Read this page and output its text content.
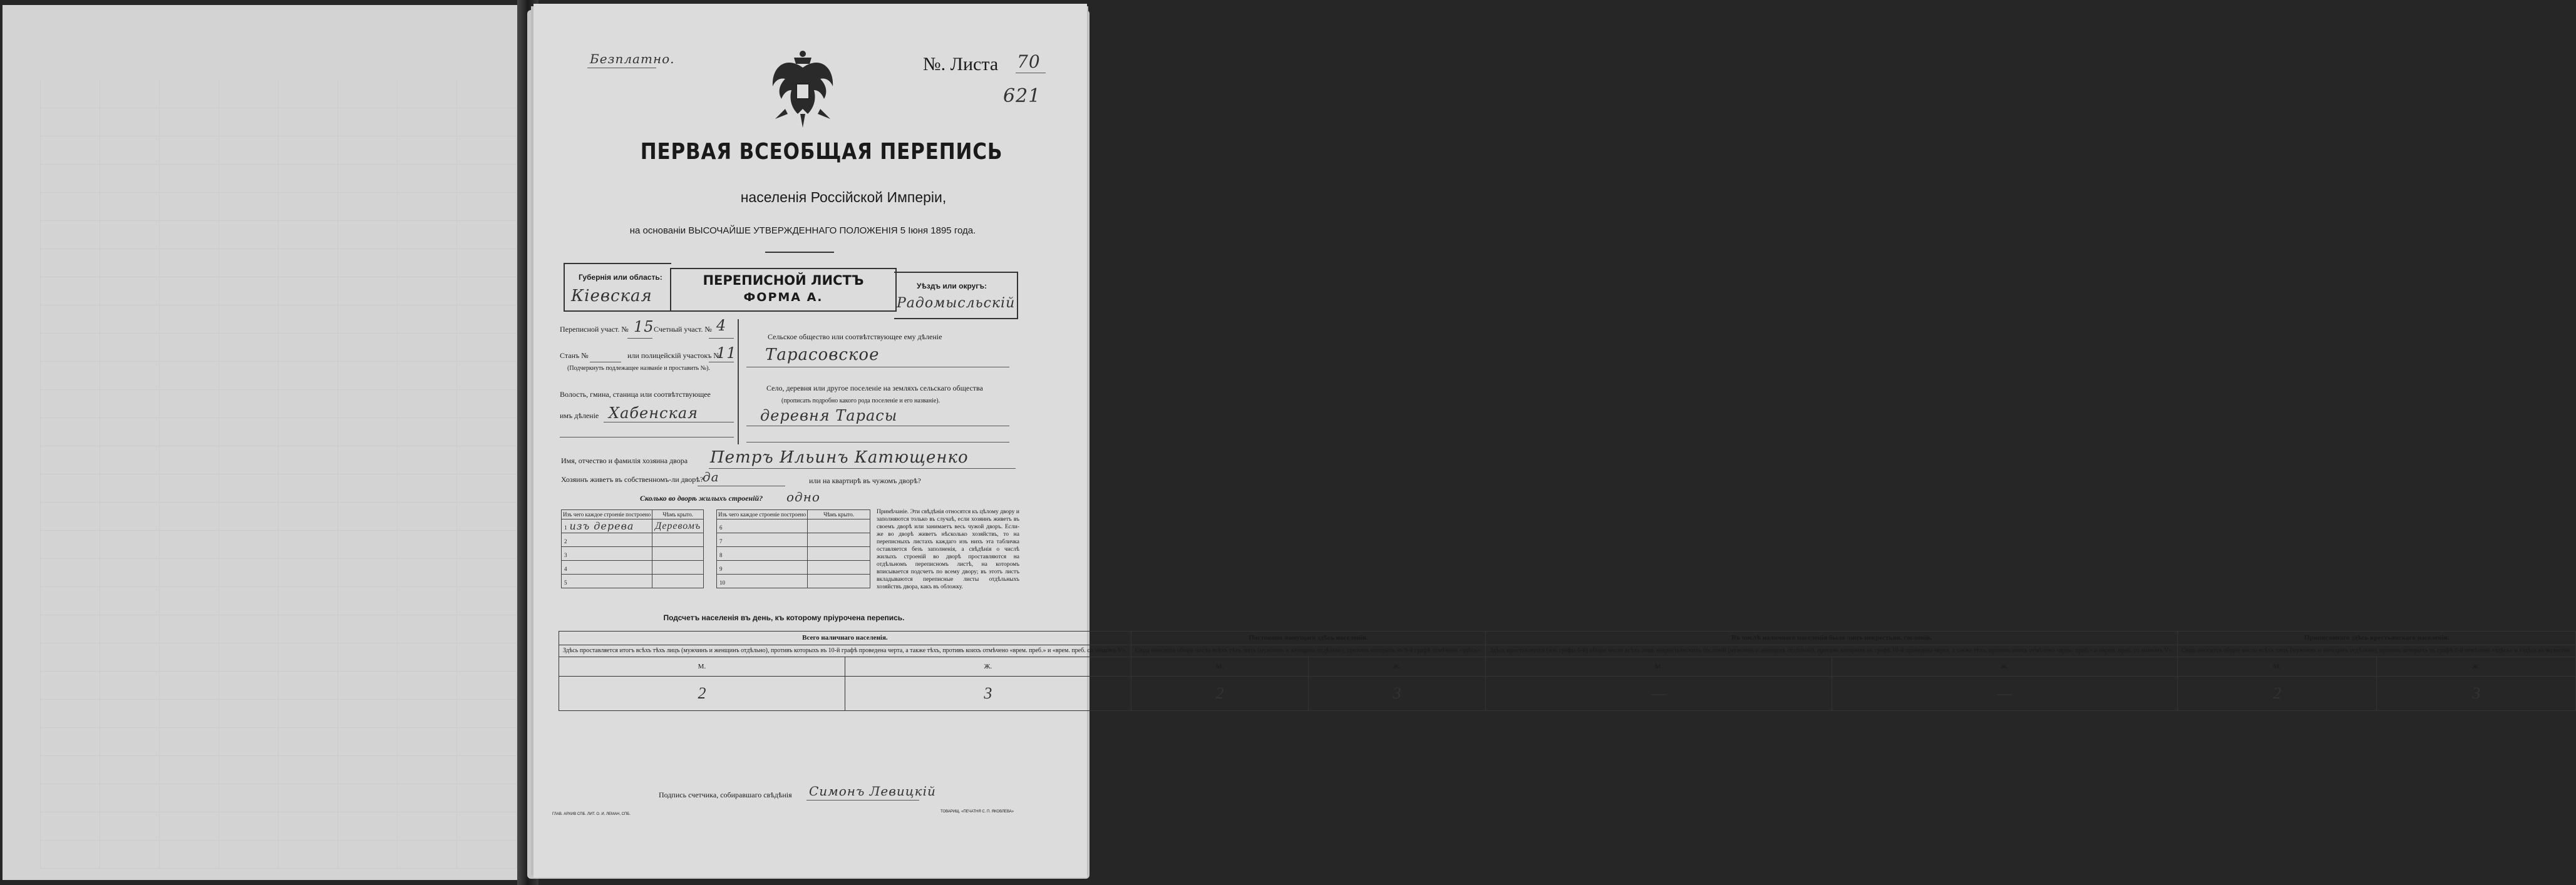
Безплатно.	№. Листа 70
621
ПЕРВАЯ ВСЕОБЩАЯ ПЕРЕПИСЬ
населенія Россійской Имперіи,
на основаніи ВЫСОЧАЙШЕ УТВЕРЖДЕННАГО ПОЛОЖЕНІЯ 5 Іюня 1895 года.
Губернія или область:
Кіевская
ПЕРЕПИСНОЙ ЛИСТЪ
ФОРМА А.
Уѣздъ или округъ:
Радомысльскій
Переписной участ. № 15 Счетный участ. № 4
Станъ №	или полицейскій участокъ №
11
(Подчеркнуть подлежащее названіе и проставить №).
Волость, гмина, станица или соотвѣтствующее
имъ дѣленіе Хабенская
Сельское общество или соотвѣтствующее ему дѣленіе
Тарасовское
Село, деревня или другое поселеніе на земляхъ сельскаго общества
(прописать подробно какого рода поселеніе и его названіе).
деревня Тарасы
Имя, отчество и фамилія хозяина двора Петръ Ильинъ Катющенко
Хозяинъ живетъ въ собственномъ-ли дворѣ?
да	или на квартирѣ въ чужомъ дворѣ?
Сколько во дворѣ жилыхъ строеній? одно
Изъ чего каждое строеніе построено	Чѣмъ крыто.
1 изъ дерева	Деревомъ
2	
3	
4	
5	
Изъ чего каждое строеніе построено	Чѣмъ крыто.
6	
7	
8	
9	
10	
Примѣчаніе. Эти свѣдѣнія относятся къ цѣлому двору и заполняются только въ случаѣ, если хозяинъ живетъ въ своемъ дворѣ или занимаетъ весь чужой дворъ. Если-же во дворѣ живетъ нѣсколько хозяйствъ, то на переписныхъ листахъ каждаго изъ нихъ эта табличка оставляется безъ заполненія, а свѣдѣнія о числѣ жилыхъ строеній во дворѣ проставляются на отдѣльномъ переписномъ листѣ, на которомъ вписывается подсчетъ по всему двору; въ этотъ листъ вкладываются переписные листы отдѣльныхъ хозяйствъ двора, какъ въ обложку.
Подсчетъ населенія въ день, къ которому пріурочена перепись.
Всего наличнаго населенія.		Постоянно живущаго здѣсь населенія.		Въ числѣ наличнаго населенія было лицъ некрестьян. сословій.		Приписаннаго здѣсь крестьянскаго населенія.	
Здѣсь проставляется итогъ всѣхъ тѣхъ лицъ (мужчинъ и женщинъ отдѣльно), противъ которыхъ въ 10-й графѣ проведена черта, а также тѣхъ, противъ коихъ отмѣчено «врем. преб.» и «врем. преб. со знакомъ V».		Сюда вносится общее число всѣхъ тѣхъ лицъ (мужчинъ и женщинъ отдѣльно), противъ которыхъ въ 9-й графѣ отмѣчено «здѣсь».		Здѣсь проставляется (изъ графы 6-й) общее число всѣхъ лицъ некрестьянскихъ сословій (мужчинъ и женщинъ отдѣльно), противъ которыхъ въ графѣ 10-й проведена черта, а также тѣхъ, противъ коихъ отмѣчено «врем. преб.» и «врем. преб. со знакомъ V».		Сюда вносится общее число всѣхъ лицъ (мужчинъ и женщинъ отдѣльно), противъ которыхъ въ графѣ 8-й отмѣчено «здѣсь» и «здѣсь въ волости».	
М.	Ж.	М.	Ж.	М.	Ж.	М.	Ж.
2	3	2	3	—	—	2	3
Подпись счетчика, собиравшаго свѣдѣнія Симонъ Левицкій
ГЛАВ. АРХИВ СПБ. ЛИТ. О. И. ЛЕМАН, СПБ.
ТОВАРИЩ. «ПЕЧАТНЯ С. П. ЯКОВЛЕВА»
